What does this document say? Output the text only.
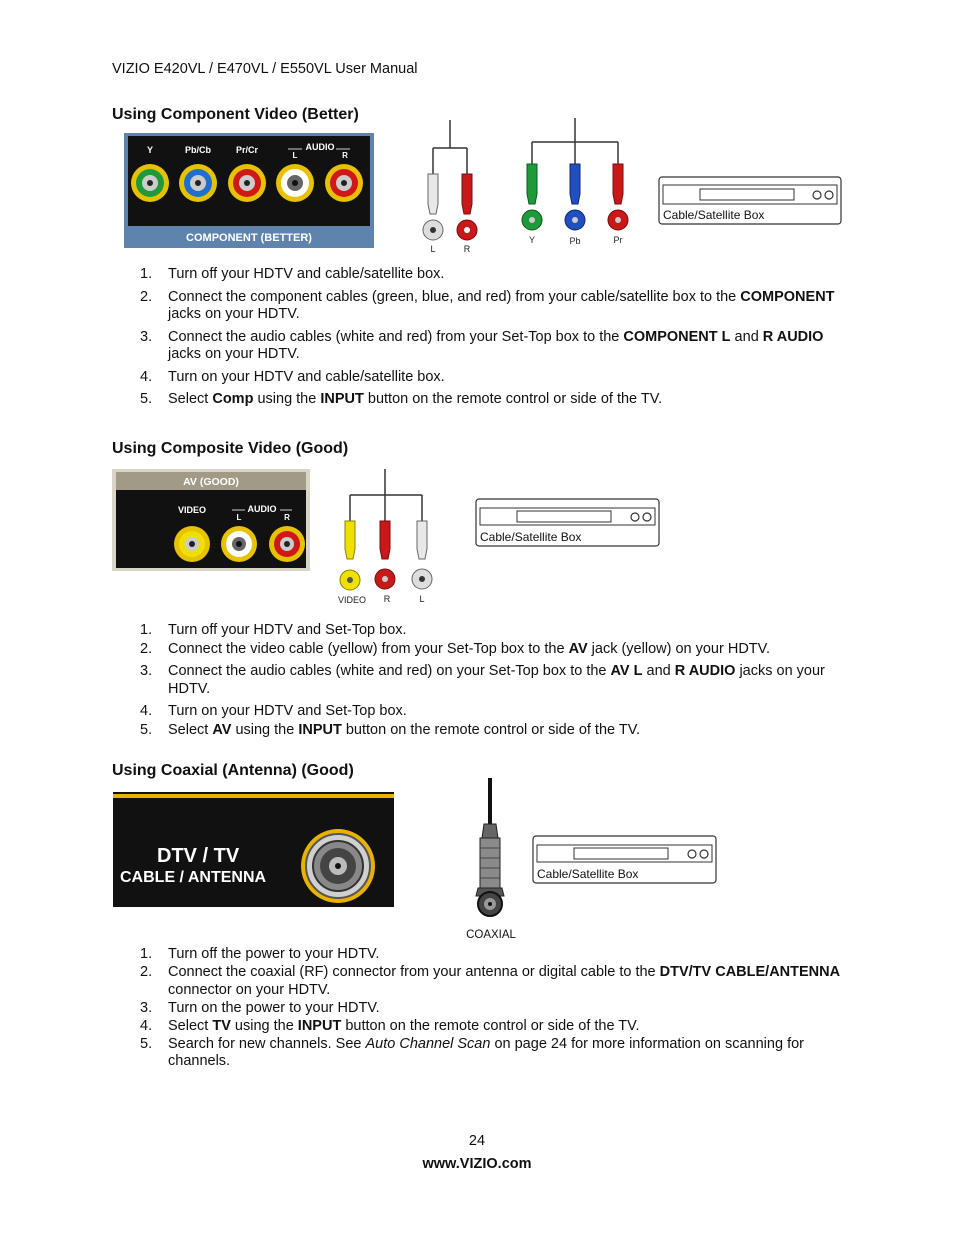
VIZIO E420VL / E470VL / E550VL User Manual
Using Component Video (Better)
Y	Pb/Cb	Pr/Cr	AUDIO
L	R
COMPONENT (BETTER)
L	R
Y	Pb	Pr
Cable/Satellite Box
1. Turn off your HDTV and cable/satellite box.
2. Connect the component cables (green, blue, and red) from your cable/satellite box to the COMPONENT jacks on your HDTV.
3. Connect the audio cables (white and red) from your Set-Top box to the COMPONENT L and R AUDIO jacks on your HDTV.
4. Turn on your HDTV and cable/satellite box.
5. Select Comp using the INPUT button on the remote control or side of the TV.
Using Composite Video (Good)
AV (GOOD)
VIDEO	AUDIO
L	R
VIDEO R	L
Cable/Satellite Box
1. Turn off your HDTV and Set-Top box.
2. Connect the video cable (yellow) from your Set-Top box to the AV jack (yellow) on your HDTV.
3. Connect the audio cables (white and red) on your Set-Top box to the AV L and R AUDIO jacks on your HDTV.
4. Turn on your HDTV and Set-Top box.
5. Select AV using the INPUT button on the remote control or side of the TV.
Using Coaxial (Antenna) (Good)
DTV / TV
CABLE / ANTENNA
COAXIAL
Cable/Satellite Box
1. Turn off the power to your HDTV.
2. Connect the coaxial (RF) connector from your antenna or digital cable to the DTV/TV CABLE/ANTENNA connector on your HDTV.
3. Turn on the power to your HDTV.
4. Select TV using the INPUT button on the remote control or side of the TV.
5. Search for new channels. See Auto Channel Scan on page 24 for more information on scanning for channels.
24
www.VIZIO.com
